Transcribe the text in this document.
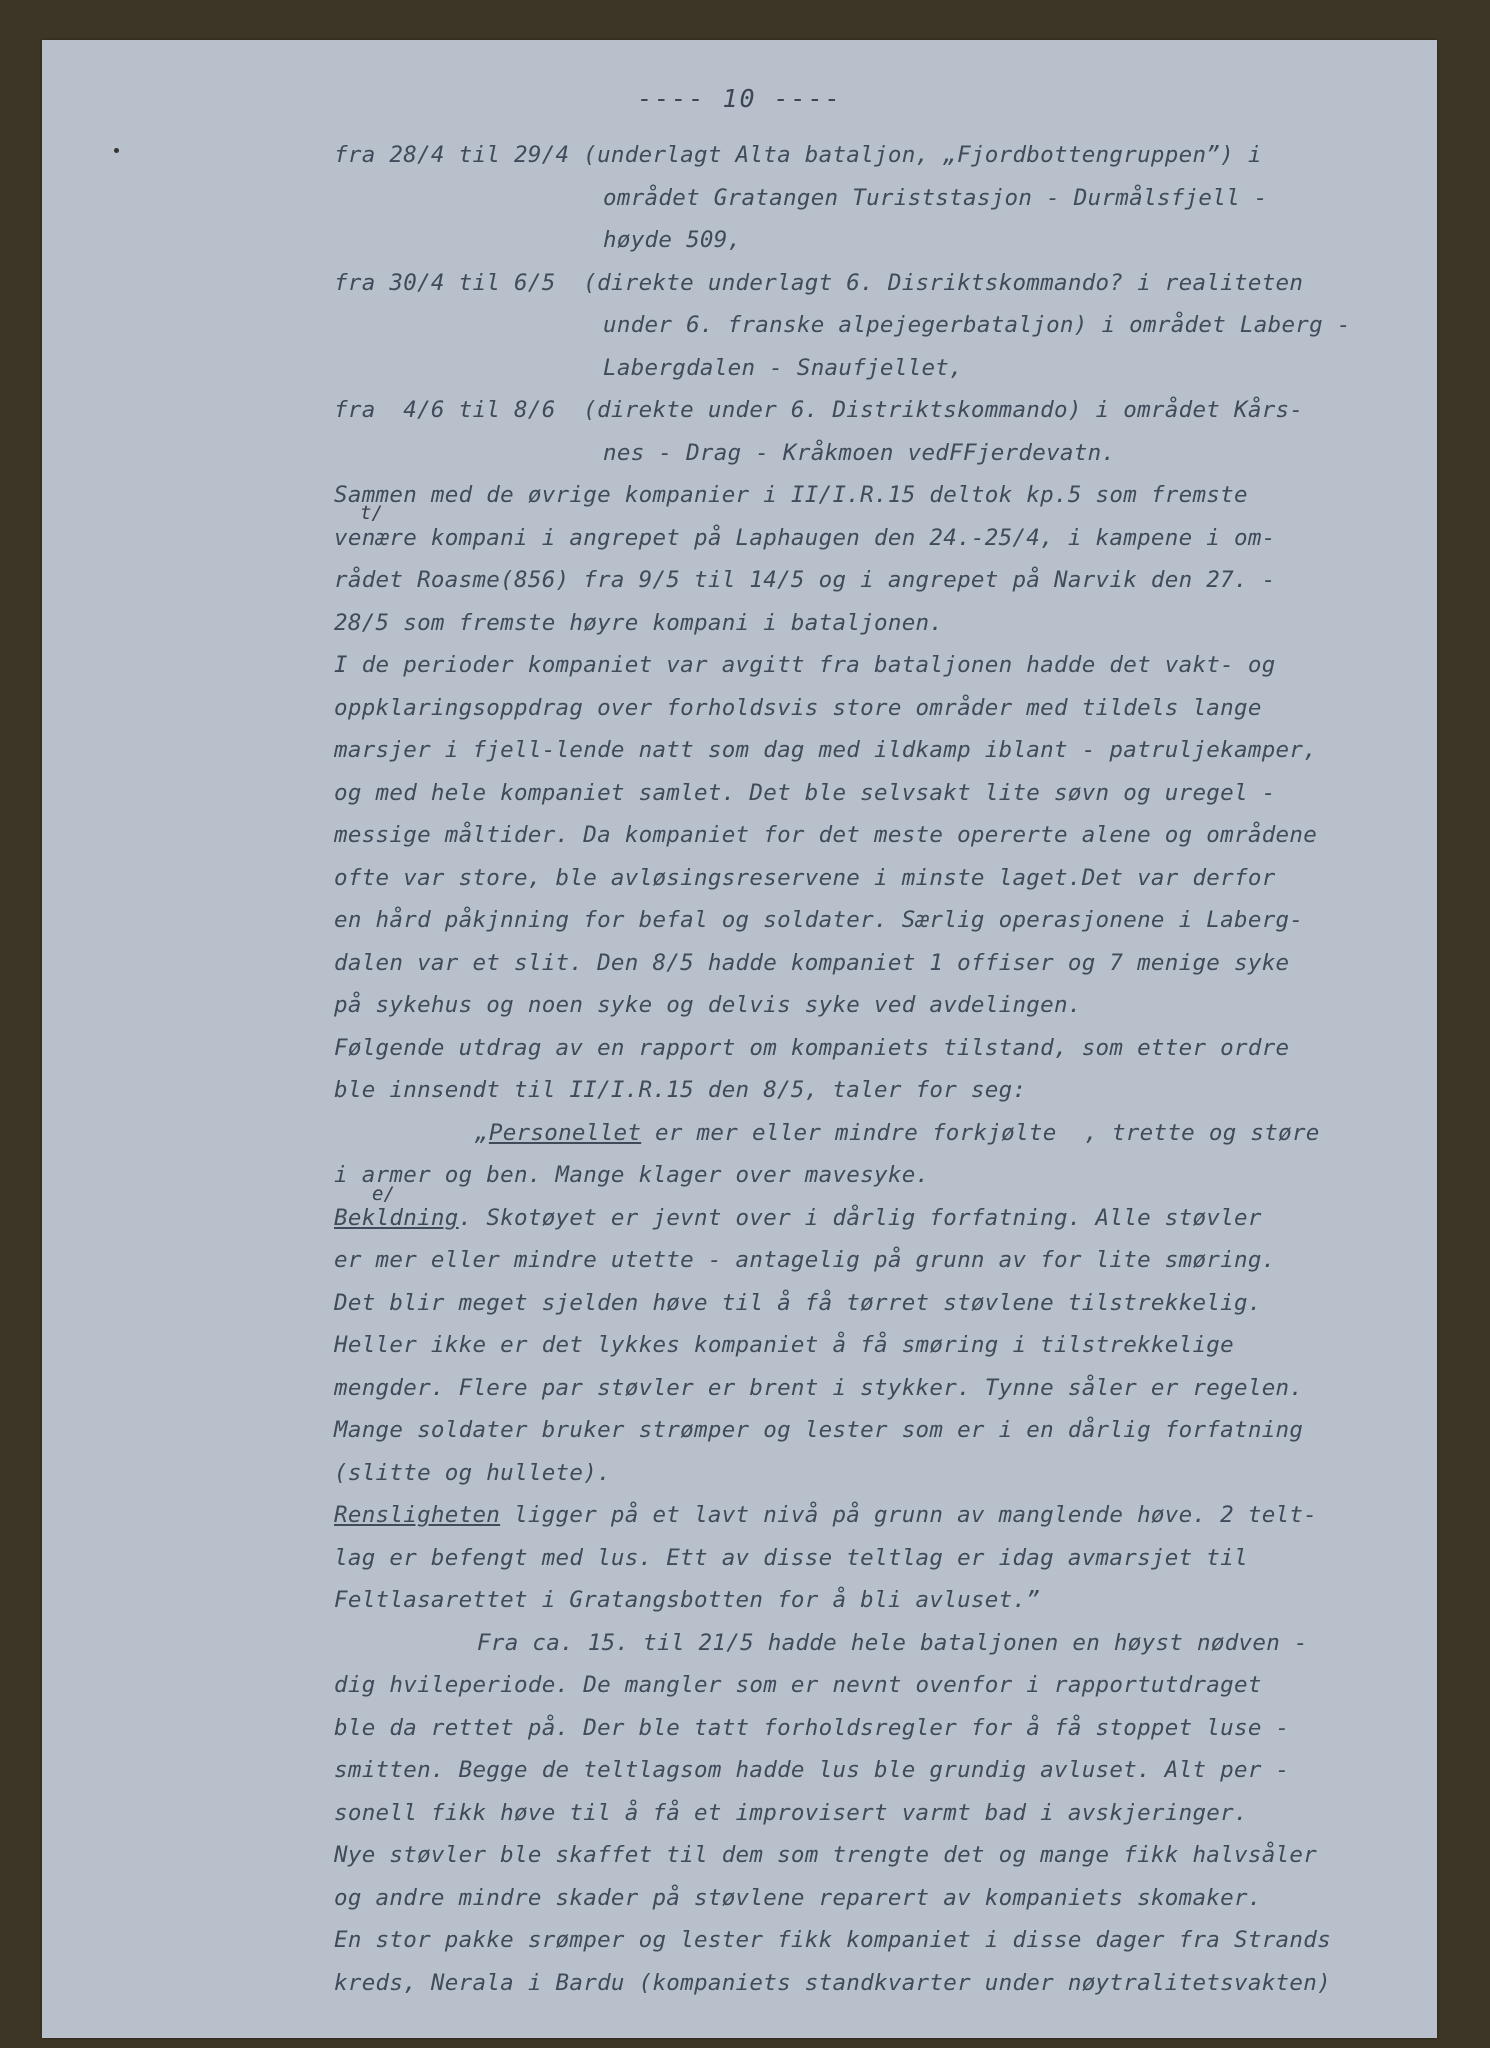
---- 10 ----
fra 28/4 til 29/4 (underlagt Alta bataljon, „Fjordbottengruppen”) i
området Gratangen Turiststasjon - Durmålsfjell -
høyde 509,
fra 30/4 til 6/5  (direkte underlagt 6. Disriktskommando? i realiteten
under 6. franske alpejegerbataljon) i området Laberg -
Labergdalen - Snaufjellet,
fra  4/6 til 8/6  (direkte under 6. Distriktskommando) i området Kårs-
nes - Drag - Kråkmoen vedFFjerdevatn.
Sammen med de øvrige kompanier i II/I.R.15 deltok kp.5 som fremste
t/
venære kompani i angrepet på Laphaugen den 24.-25/4, i kampene i om-
rådet Roasme(856) fra 9/5 til 14/5 og i angrepet på Narvik den 27. -
28/5 som fremste høyre kompani i bataljonen.
I de perioder kompaniet var avgitt fra bataljonen hadde det vakt- og
oppklaringsoppdrag over forholdsvis store områder med tildels lange
marsjer i fjell-lende natt som dag med ildkamp iblant - patruljekamper,
og med hele kompaniet samlet. Det ble selvsakt lite søvn og uregel -
messige måltider. Da kompaniet for det meste opererte alene og områdene
ofte var store, ble avløsingsreservene i minste laget.Det var derfor
en hård påkjnning for befal og soldater. Særlig operasjonene i Laberg-
dalen var et slit. Den 8/5 hadde kompaniet 1 offiser og 7 menige syke
på sykehus og noen syke og delvis syke ved avdelingen.
Følgende utdrag av en rapport om kompaniets tilstand, som etter ordre
ble innsendt til II/I.R.15 den 8/5, taler for seg:
„Personellet er mer eller mindre forkjølte  , trette og støre
i armer og ben. Mange klager over mavesyke.
e/
Bekldning. Skotøyet er jevnt over i dårlig forfatning. Alle støvler
er mer eller mindre utette - antagelig på grunn av for lite smøring.
Det blir meget sjelden høve til å få tørret støvlene tilstrekkelig.
Heller ikke er det lykkes kompaniet å få smøring i tilstrekkelige
mengder. Flere par støvler er brent i stykker. Tynne såler er regelen.
Mange soldater bruker strømper og lester som er i en dårlig forfatning
(slitte og hullete).
Rensligheten ligger på et lavt nivå på grunn av manglende høve. 2 telt-
lag er befengt med lus. Ett av disse teltlag er idag avmarsjet til
Feltlasarettet i Gratangsbotten for å bli avluset.”
Fra ca. 15. til 21/5 hadde hele bataljonen en høyst nødven -
dig hvileperiode. De mangler som er nevnt ovenfor i rapportutdraget
ble da rettet på. Der ble tatt forholdsregler for å få stoppet luse -
smitten. Begge de teltlagsom hadde lus ble grundig avluset. Alt per -
sonell fikk høve til å få et improvisert varmt bad i avskjeringer.
Nye støvler ble skaffet til dem som trengte det og mange fikk halvsåler
og andre mindre skader på støvlene reparert av kompaniets skomaker.
En stor pakke srømper og lester fikk kompaniet i disse dager fra Strands
kreds, Nerala i Bardu (kompaniets standkvarter under nøytralitetsvakten)
